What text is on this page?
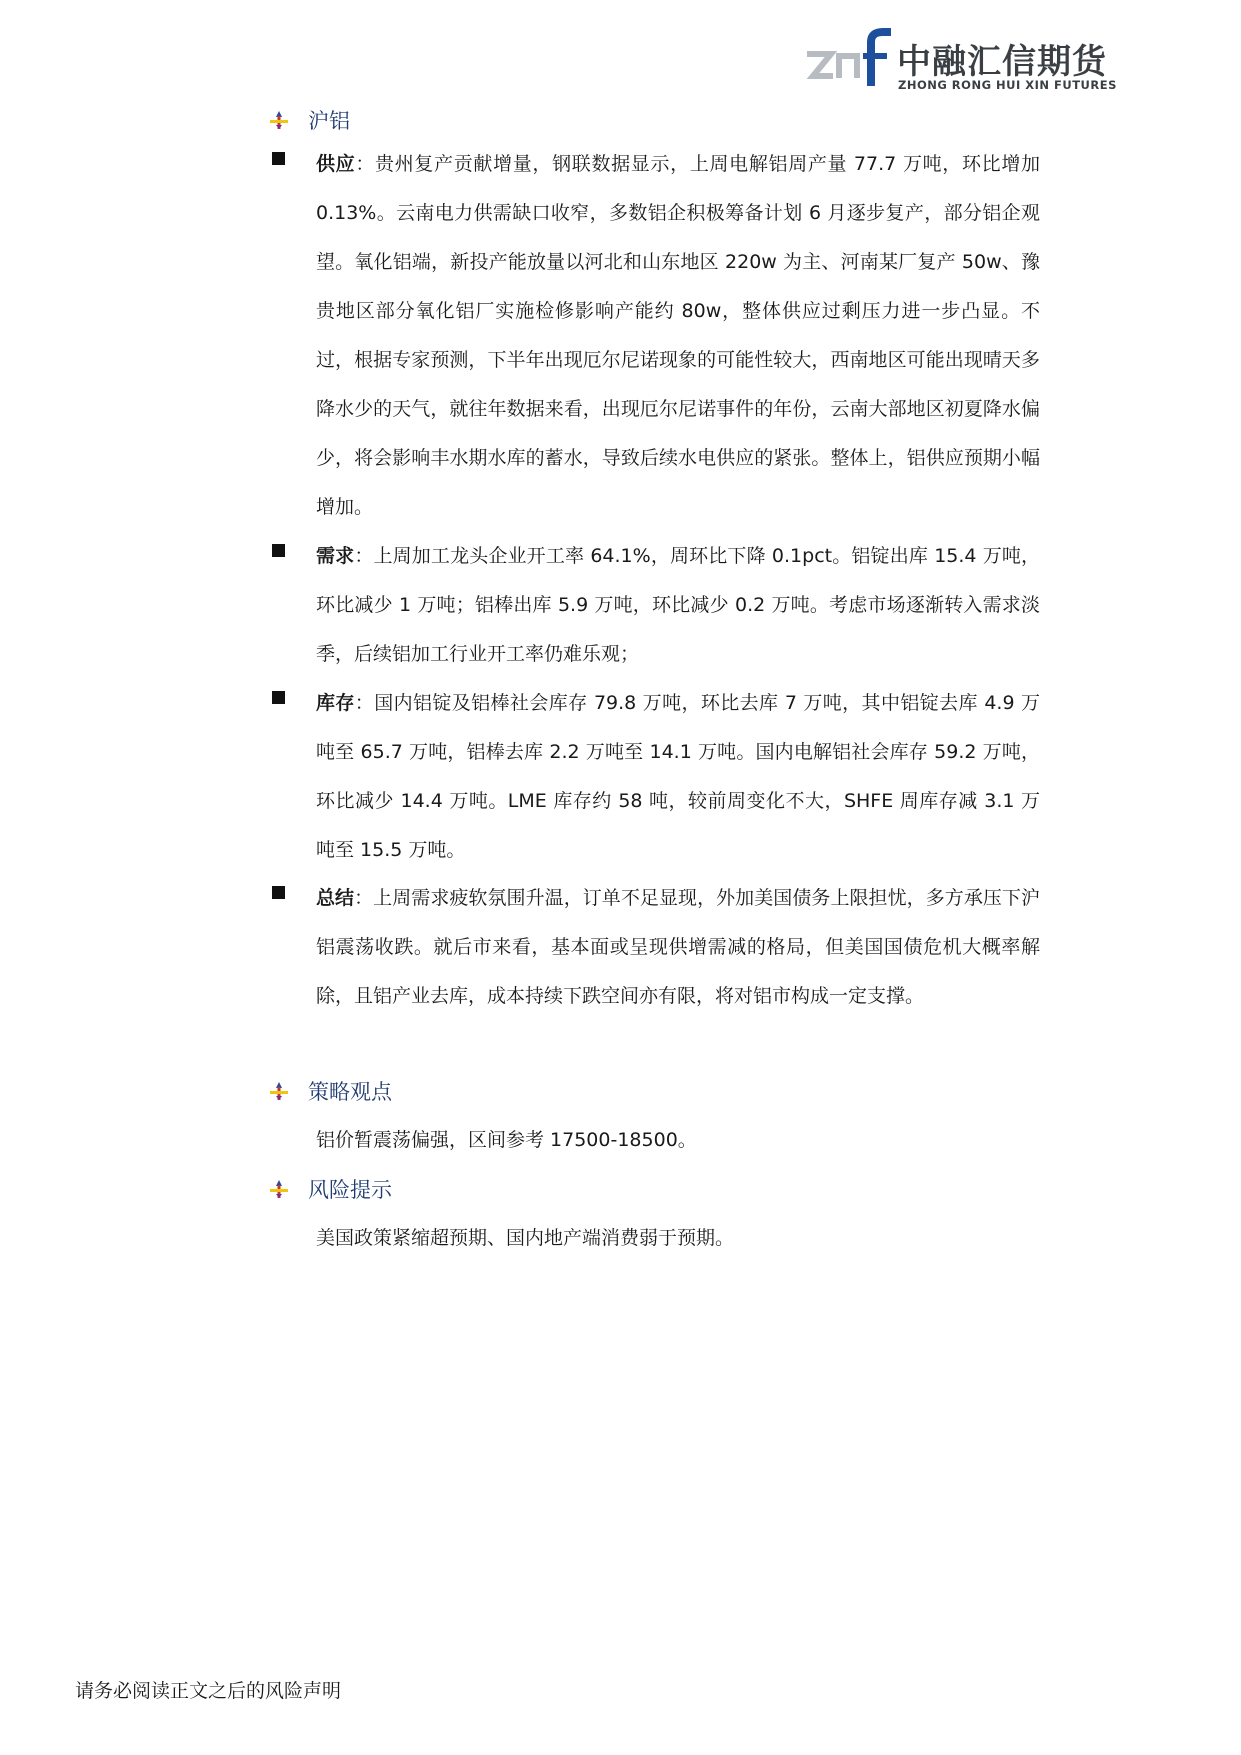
中融汇信期货
ZHONG RONG HUI XIN FUTURES
沪铝
供应：贵州复产贡献增量，钢联数据显示，上周电解铝周产量 77.7 万吨，环比增加 0.13%。云南电力供需缺口收窄，多数铝企积极筹备计划 6 月逐步复产，部分铝企观望。氧化铝端，新投产能放量以河北和山东地区 220w 为主、河南某厂复产 50w、豫贵地区部分氧化铝厂实施检修影响产能约 80w，整体供应过剩压力进一步凸显。不过，根据专家预测，下半年出现厄尔尼诺现象的可能性较大，西南地区可能出现晴天多降水少的天气，就往年数据来看，出现厄尔尼诺事件的年份，云南大部地区初夏降水偏少，将会影响丰水期水库的蓄水，导致后续水电供应的紧张。整体上，铝供应预期小幅增加。
需求：上周加工龙头企业开工率 64.1%，周环比下降 0.1pct。铝锭出库 15.4 万吨，环比减少 1 万吨；铝棒出库 5.9 万吨，环比减少 0.2 万吨。考虑市场逐渐转入需求淡季，后续铝加工行业开工率仍难乐观；
库存：国内铝锭及铝棒社会库存 79.8 万吨，环比去库 7 万吨，其中铝锭去库 4.9 万吨至 65.7 万吨，铝棒去库 2.2 万吨至 14.1 万吨。国内电解铝社会库存 59.2 万吨，环比减少 14.4 万吨。LME 库存约 58 吨，较前周变化不大，SHFE 周库存减 3.1 万吨至 15.5 万吨。
总结：上周需求疲软氛围升温，订单不足显现，外加美国债务上限担忧，多方承压下沪铝震荡收跌。就后市来看，基本面或呈现供增需减的格局，但美国国债危机大概率解除，且铝产业去库，成本持续下跌空间亦有限，将对铝市构成一定支撑。
策略观点
铝价暂震荡偏强，区间参考 17500-18500。
风险提示
美国政策紧缩超预期、国内地产端消费弱于预期。
请务必阅读正文之后的风险声明
